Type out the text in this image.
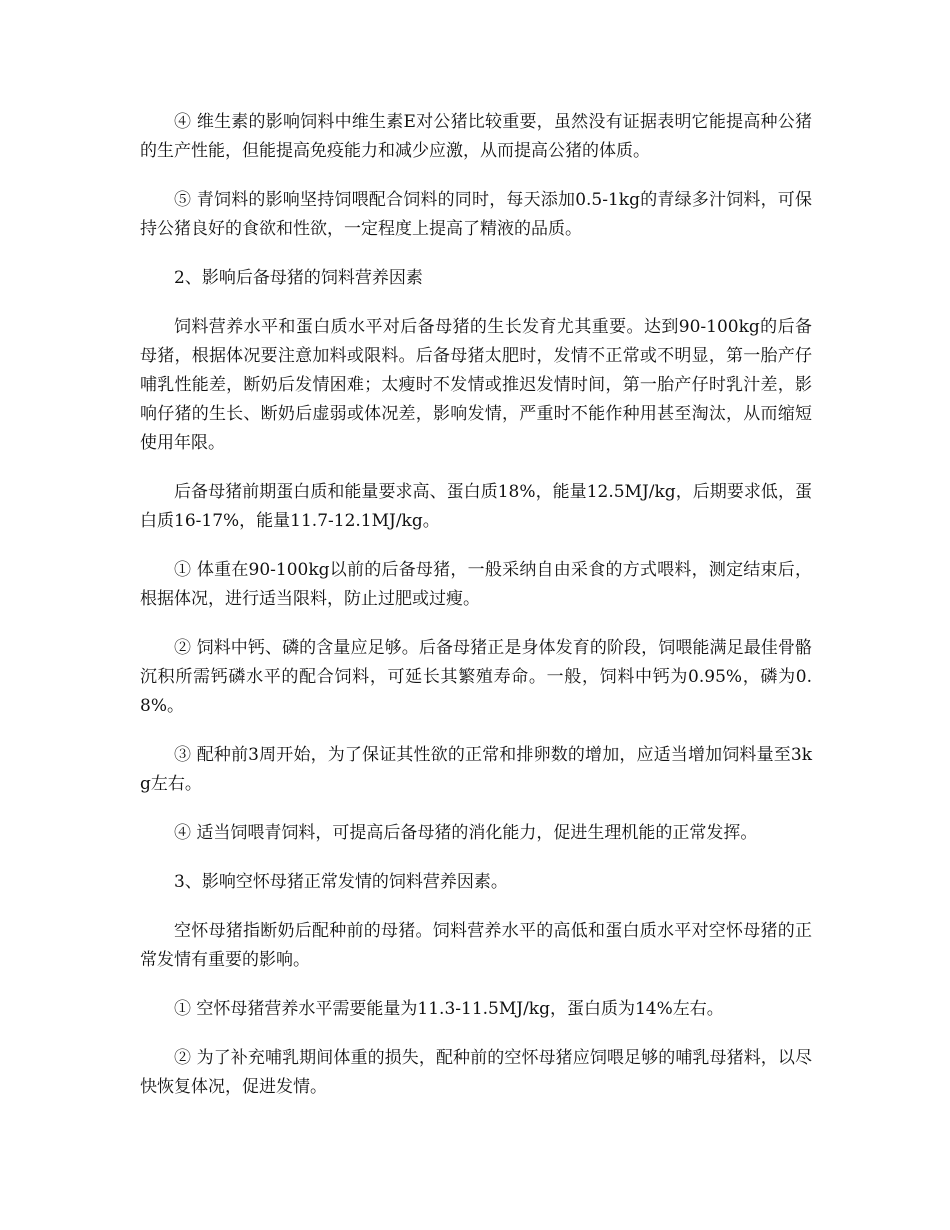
④ 维生素的影响饲料中维生素E对公猪比较重要，虽然没有证据表明它能提高种公猪的生产性能，但能提高免疫能力和减少应激，从而提高公猪的体质。

⑤ 青饲料的影响坚持饲喂配合饲料的同时，每天添加0.5-1kg的青绿多汁饲料，可保持公猪良好的食欲和性欲，一定程度上提高了精液的品质。

2、影响后备母猪的饲料营养因素

饲料营养水平和蛋白质水平对后备母猪的生长发育尤其重要。达到90-100kg的后备母猪，根据体况要注意加料或限料。后备母猪太肥时，发情不正常或不明显，第一胎产仔哺乳性能差，断奶后发情困难；太瘦时不发情或推迟发情时间，第一胎产仔时乳汁差，影响仔猪的生长、断奶后虚弱或体况差，影响发情，严重时不能作种用甚至淘汰，从而缩短使用年限。

后备母猪前期蛋白质和能量要求高、蛋白质18%，能量12.5MJ/kg，后期要求低，蛋白质16-17%，能量11.7-12.1MJ/kg。

① 体重在90-100kg以前的后备母猪，一般采纳自由采食的方式喂料，测定结束后，根据体况，进行适当限料，防止过肥或过瘦。

② 饲料中钙、磷的含量应足够。后备母猪正是身体发育的阶段，饲喂能满足最佳骨骼沉积所需钙磷水平的配合饲料，可延长其繁殖寿命。一般，饲料中钙为0.95%，磷为0.8%。

③ 配种前3周开始，为了保证其性欲的正常和排卵数的增加，应适当增加饲料量至3kg左右。

④ 适当饲喂青饲料，可提高后备母猪的消化能力，促进生理机能的正常发挥。

3、影响空怀母猪正常发情的饲料营养因素。

空怀母猪指断奶后配种前的母猪。饲料营养水平的高低和蛋白质水平对空怀母猪的正常发情有重要的影响。

① 空怀母猪营养水平需要能量为11.3-11.5MJ/kg，蛋白质为14%左右。

② 为了补充哺乳期间体重的损失，配种前的空怀母猪应饲喂足够的哺乳母猪料，以尽快恢复体况，促进发情。
